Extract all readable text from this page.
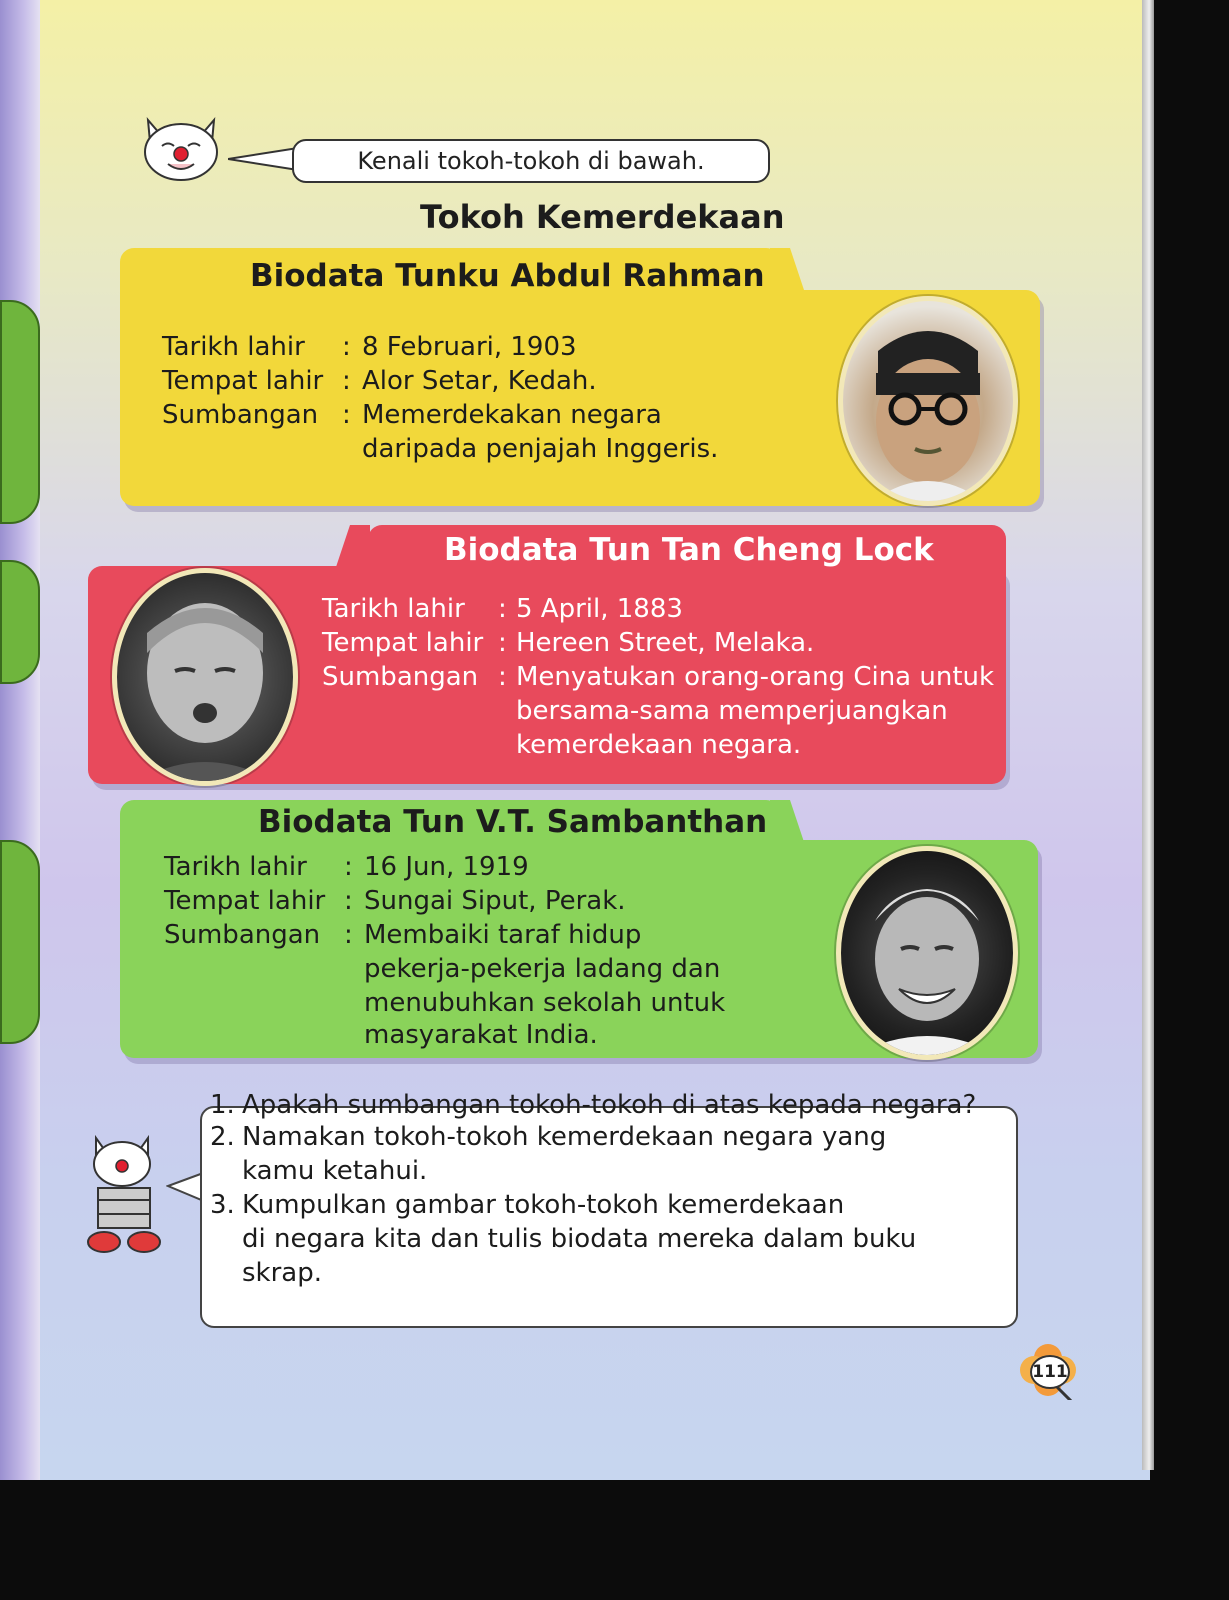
Kenali tokoh-tokoh di bawah.
Tokoh Kemerdekaan
Biodata Tunku Abdul Rahman
Tarikh lahir : 8 Februari, 1903
Tempat lahir : Alor Setar, Kedah.
Sumbangan : Memerdekakan negara
daripada penjajah Inggeris.
Biodata Tun Tan Cheng Lock
Tarikh lahir : 5 April, 1883
Tempat lahir : Hereen Street, Melaka.
Sumbangan : Menyatukan orang-orang Cina untuk
bersama-sama memperjuangkan
kemerdekaan negara.
Biodata Tun V.T. Sambanthan
Tarikh lahir : 16 Jun, 1919
Tempat lahir : Sungai Siput, Perak.
Sumbangan : Membaiki taraf hidup
pekerja-pekerja ladang dan
menubuhkan sekolah untuk
masyarakat India.
1. Apakah sumbangan tokoh-tokoh di atas kepada negara?
2. Namakan tokoh-tokoh kemerdekaan negara yang
kamu ketahui.
3. Kumpulkan gambar tokoh-tokoh kemerdekaan
di negara kita dan tulis biodata mereka dalam buku
skrap.
111
